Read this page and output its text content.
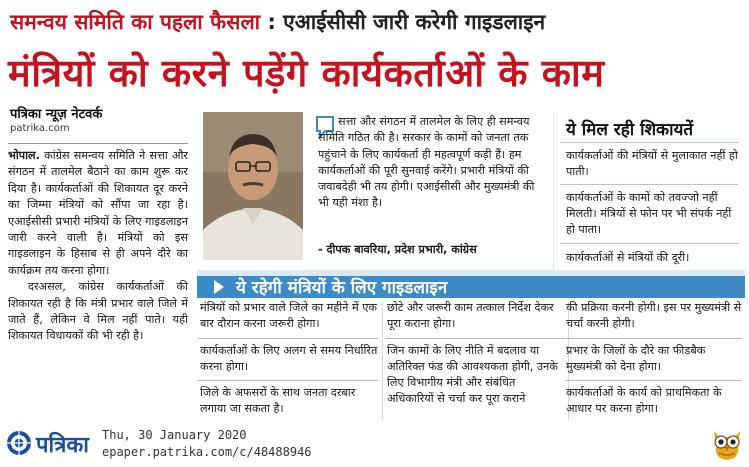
समन्वय समिति का पहला फैसला : एआईसीसी जारी करेगी गाइडलाइन
मंत्रियों को करने पड़ेंगे कार्यकर्ताओं के काम
पत्रिका न्यूज़ नेटवर्क
patrika.com

भोपाल. कांग्रेस समन्वय समिति ने सत्ता और संगठन में तालमेल बैठाने का काम शुरू कर दिया है। कार्यकर्ताओं की शिकायत दूर करने का जिम्मा मंत्रियों को सौंपा जा रहा है। एआईसीसी प्रभारी मंत्रियों के लिए गाइडलाइन जारी करने वाली है। मंत्रियों को इस गाइडलाइन के हिसाब से ही अपने दौरे का कार्यक्रम तय करना होगा।

दरअसल, कांग्रेस कार्यकर्ताओं की शिकायत रही है कि मंत्री प्रभार वाले जिले में जाते हैं, लेकिन वे मिल नहीं पाते। यही शिकायत विधायकों की भी रही है।

सत्ता और संगठन में तालमेल के लिए ही समन्वय समिति गठित की है। सरकार के कामों को जनता तक पहुंचाने के लिए कार्यकर्ता ही महत्वपूर्ण कड़ी हैं। हम कार्यकर्ताओं की पूरी सुनवाई करेंगे। प्रभारी मंत्रियों की जवाबदेही भी तय होगी। एआईसीसी और मुख्यमंत्री की भी यही मंशा है।
- दीपक बावरिया, प्रदेश प्रभारी, कांग्रेस
ये मिल रही शिकायतें
कार्यकर्ताओं की मंत्रियों से मुलाकात नहीं हो पाती।
कार्यकर्ताओं के कामों को तवज्जो नहीं मिलती। मंत्रियों से फोन पर भी संपर्क नहीं हो पाता।
कार्यकर्ताओं से मंत्रियों की दूरी।
ये रहेगी मंत्रियों के लिए गाइडलाइन
मंत्रियों को प्रभार वाले जिले का महीने में एक बार दौरान करना जरूरी होगा।
कार्यकर्ताओं के लिए अलग से समय निर्धारित करना होगा।
जिले के अफसरों के साथ जनता दरबार लगाया जा सकता है।
छोटे और जरूरी काम तत्काल निर्देश देकर पूरा कराना होगा।
जिन कामों के लिए नीति में बदलाव या अतिरिक्त फंड की आवश्यकता होगी, उनके लिए विभागीय मंत्री और संबंधित अधिकारियों से चर्चा कर पूरा कराने
की प्रक्रिया करनी होगी। इस पर मुख्यमंत्री से चर्चा करनी होगी।
प्रभार के जिलों के दौरे का फीडबैक मुख्यमंत्री को देना होगा।
कार्यकर्ताओं के कार्य को प्राथमिकता के आधार पर करना होगा।
पत्रिका Thu, 30 January 2020
epaper.patrika.com/c/48488946
